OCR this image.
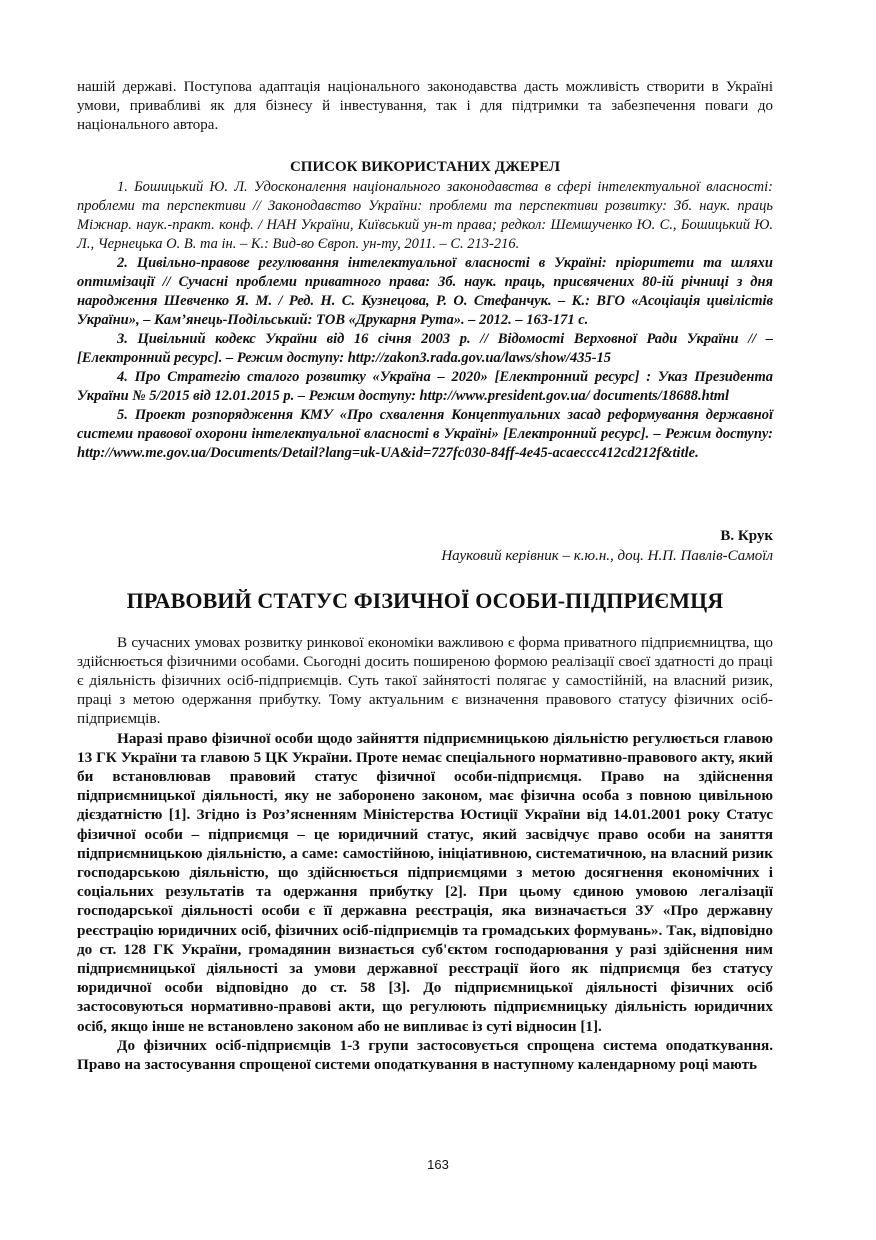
нашій державі. Поступова адаптація національного законодавства дасть можливість створити в Україні умови, привабливі як для бізнесу й інвестування, так і для підтримки та забезпечення поваги до національного автора.

СПИСОК ВИКОРИСТАНИХ ДЖЕРЕЛ

1. Бошицький Ю. Л. Удосконалення національного законодавства в сфері інтелектуальної власності: проблеми та перспективи // Законодавство України: проблеми та перспективи розвитку: Зб. наук. праць Міжнар. наук.-практ. конф. / НАН України, Київський ун-т права; редкол: Шемшученко Ю. С., Бошицький Ю. Л., Чернецька О. В. та ін. – К.: Вид-во Європ. ун-ту, 2011. – С. 213-216.

2. Цивільно-правове регулювання інтелектуальної власності в Україні: пріоритети та шляхи оптимізації // Сучасні проблеми приватного права: Зб. наук. праць, присвячених 80-ій річниці з дня народження Шевченко Я. М. / Ред. Н. С. Кузнецова, Р. О. Стефанчук. – К.: ВГО «Асоціація цивілістів України», – Кам’янець-Подільський: ТОВ «Друкарня Рута». – 2012. – 163-171 с.

3. Цивільний кодекс України від 16 січня 2003 р. // Відомості Верховної Ради України // – [Електронний ресурс]. – Режим доступу: http://zakon3.rada.gov.ua/laws/show/435-15

4. Про Стратегію сталого розвитку «Україна – 2020» [Електронний ресурс] : Указ Президента України № 5/2015 від 12.01.2015 р. – Режим доступу: http://www.president.gov.ua/ documents/18688.html

5. Проект розпорядження КМУ «Про схвалення Концептуальних засад реформування державної системи правової охорони інтелектуальної власності в Україні» [Електронний ресурс]. – Режим доступу: http://www.me.gov.ua/Documents/Detail?lang=uk-UA&id=727fc030-84ff-4e45-acaeccc412cd212f&title.

В. Крук
Науковий керівник – к.ю.н., доц. Н.П. Павлів-Самоїл
ПРАВОВИЙ СТАТУС ФІЗИЧНОЇ ОСОБИ-ПІДПРИЄМЦЯ

В сучасних умовах розвитку ринкової економіки важливою є форма приватного підприємництва, що здійснюється фізичними особами. Сьогодні досить поширеною формою реалізації своєї здатності до праці є діяльність фізичних осіб-підприємців. Суть такої зайнятості полягає у самостійній, на власний ризик, праці з метою одержання прибутку. Тому актуальним є визначення правового статусу фізичних осіб-підприємців.

Наразі право фізичної особи щодо зайняття підприємницькою діяльністю регулюється главою 13 ГК України та главою 5 ЦК України. Проте немає спеціального нормативно-правового акту, який би встановлював правовий статус фізичної особи-підприємця. Право на здійснення підприємницької діяльності, яку не заборонено законом, має фізична особа з повною цивільною дієздатністю [1]. Згідно із Роз’ясненням Міністерства Юстиції України від 14.01.2001 року Статус фізичної особи – підприємця – це юридичний статус, який засвідчує право особи на заняття підприємницькою діяльністю, а саме: самостійною, ініціативною, систематичною, на власний ризик господарською діяльністю, що здійснюється підприємцями з метою досягнення економічних і соціальних результатів та одержання прибутку [2]. При цьому єдиною умовою легалізації господарської діяльності особи є її державна реєстрація, яка визначається ЗУ «Про державну реєстрацію юридичних осіб, фізичних осіб-підприємців та громадських формувань». Так, відповідно до ст. 128 ГК України, громадянин визнається суб'єктом господарювання у разі здійснення ним підприємницької діяльності за умови державної реєстрації його як підприємця без статусу юридичної особи відповідно до ст. 58 [3]. До підприємницької діяльності фізичних осіб застосовуються нормативно-правові акти, що регулюють підприємницьку діяльність юридичних осіб, якщо інше не встановлено законом або не випливає із суті відносин [1].

До фізичних осіб-підприємців 1-3 групи застосовується спрощена система оподаткування. Право на застосування спрощеної системи оподаткування в наступному календарному році мають

163
